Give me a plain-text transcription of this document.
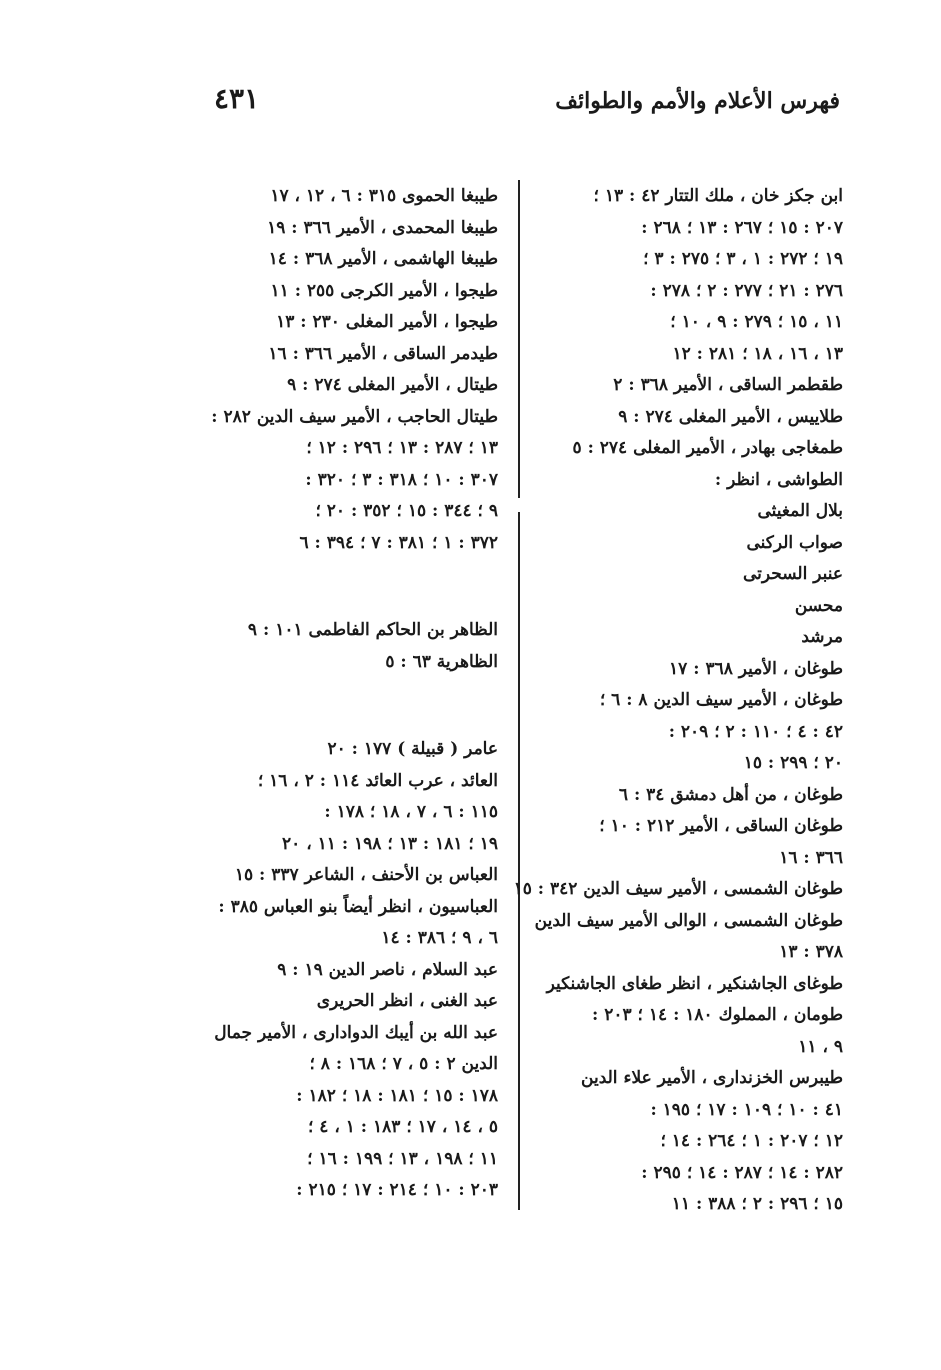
فهرس الأعلام والأمم والطوائف
٤٣١
ابن جكز خان ، ملك التتار ٤٢ : ١٣ ؛
٢٠٧ : ١٥ ؛ ٢٦٧ : ١٣ ؛ ٢٦٨ :
١٩ ؛ ٢٧٢ : ١ ، ٣ ؛ ٢٧٥ : ٣ ؛
٢٧٦ : ٢١ ؛ ٢٧٧ : ٢ ؛ ٢٧٨ :
١١ ، ١٥ ؛ ٢٧٩ : ٩ ، ١٠ ؛
١٣ ، ١٦ ، ١٨ ؛ ٢٨١ : ١٢
طقطمر الساقى ، الأمير ٣٦٨ : ٢
طلاييس ، الأمير المغلى ٢٧٤ : ٩
طمغاجى بهادر ، الأمير المغلى ٢٧٤ : ٥
الطواشى ، انظر :
بلال المغيثى
صواب الركنى
عنبر السحرتى
محسن
مرشد
طوغان ، الأمير ٣٦٨ : ١٧
طوغان ، الأمير سيف الدين ٨ : ٦ ؛
٤٢ : ٤ ؛ ١١٠ : ٢ ؛ ٢٠٩ :
٢٠ ؛ ٢٩٩ : ١٥
طوغان ، من أهل دمشق ٣٤ : ٦
طوغان الساقى ، الأمير ٢١٢ : ١٠ ؛
٣٦٦ : ١٦
طوغان الشمسى ، الأمير سيف الدين ٣٤٢ : ١٥
طوغان الشمسى ، الوالى الأمير سيف الدين
٣٧٨ : ١٣
طوغاى الجاشنكير ، انظر طغاى الجاشنكير
طومان ، المملوك ١٨٠ : ١٤ ؛ ٢٠٣ :
٩ ، ١١
طيبرس الخزندارى ، الأمير علاء الدين
٤١ : ١٠ ؛ ١٠٩ : ١٧ ؛ ١٩٥ :
١٢ ؛ ٢٠٧ : ١ ؛ ٢٦٤ : ١٤ ؛
٢٨٢ : ١٤ ؛ ٢٨٧ : ١٤ ؛ ٢٩٥ :
١٥ ؛ ٢٩٦ : ٢ ؛ ٣٨٨ : ١١
طيبغا الحموى ٣١٥ : ٦ ، ١٢ ، ١٧
طيبغا المحمدى ، الأمير ٣٦٦ : ١٩
طيبغا الهاشمى ، الأمير ٣٦٨ : ١٤
طيجوا ، الأمير الكرجى ٢٥٥ : ١١
طيجوا ، الأمير المغلى ٢٣٠ : ١٣
طيدمر الساقى ، الأمير ٣٦٦ : ١٦
طيتال ، الأمير المغلى ٢٧٤ : ٩
طيتال الحاجب ، الأمير سيف الدين ٢٨٢ :
١٣ ؛ ٢٨٧ : ١٣ ؛ ٢٩٦ : ١٢ ؛
٣٠٧ : ١٠ ؛ ٣١٨ : ٣ ؛ ٣٢٠ :
٩ ؛ ٣٤٤ : ١٥ ؛ ٣٥٢ : ٢٠ ؛
٣٧٢ : ١ ؛ ٣٨١ : ٧ ؛ ٣٩٤ : ٦
الظاهر بن الحاكم الفاطمى ١٠١ : ٩
الظاهرية ٦٣ : ٥
عامر ( قبيلة ) ١٧٧ : ٢٠
العائد ، عرب العائد ١١٤ : ٢ ، ١٦ ؛
١١٥ : ٦ ، ٧ ، ١٨ ؛ ١٧٨ :
١٩ ؛ ١٨١ : ١٣ ؛ ١٩٨ : ١١ ، ٢٠
العباس بن الأحنف ، الشاعر ٣٣٧ : ١٥
العباسيون ، انظر أيضاً بنو العباس ٣٨٥ :
٦ ، ٩ ؛ ٣٨٦ : ١٤
عبد السلام ، ناصر الدين ١٩ : ٩
عبد الغنى ، انظر الحريرى
عبد الله بن أيبك الدوادارى ، الأمير جمال
الدين ٢ : ٥ ، ٧ ؛ ١٦٨ : ٨ ؛
١٧٨ : ١٥ ؛ ١٨١ : ١٨ ؛ ١٨٢ :
٥ ، ١٤ ، ١٧ ؛ ١٨٣ : ١ ، ٤ ؛
١١ ؛ ١٩٨ ، ١٣ ؛ ١٩٩ : ١٦ ؛
٢٠٣ : ١٠ ؛ ٢١٤ : ١٧ ؛ ٢١٥ :
